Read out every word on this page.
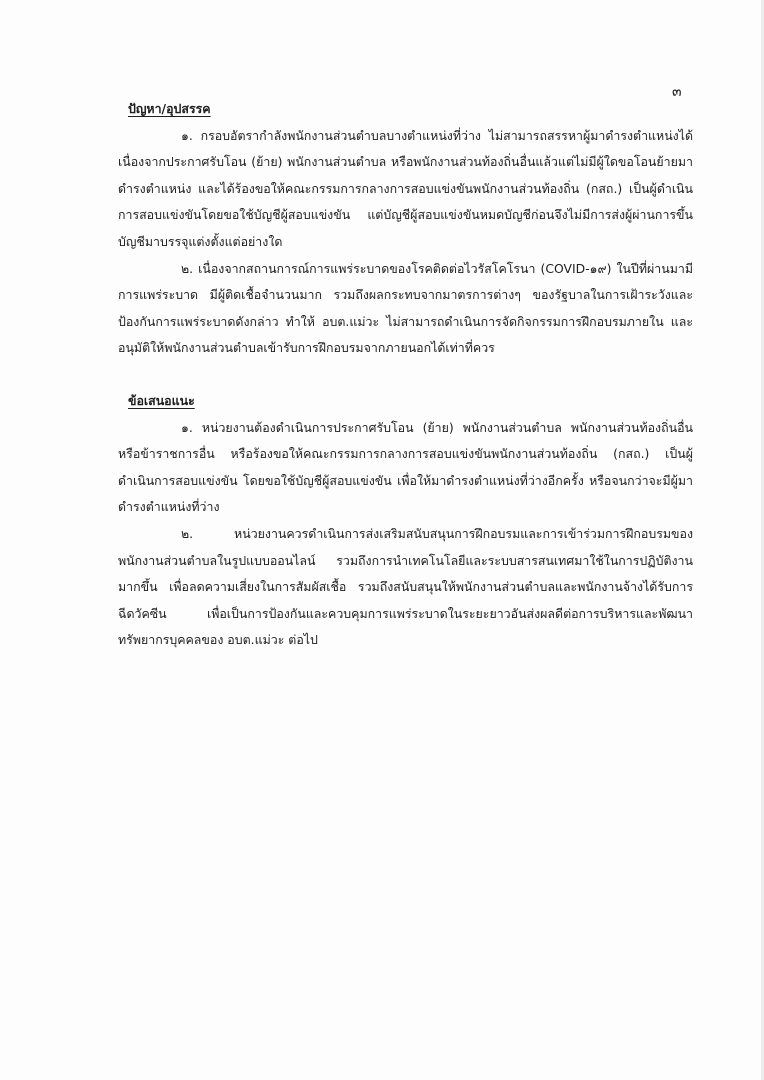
๓

ปัญหา/อุปสรรค

๑. กรอบอัตรากำลังพนักงานส่วนตำบลบางตำแหน่งที่ว่าง ไม่สามารถสรรหาผู้มาดำรงตำแหน่งได้ เนื่องจากประกาศรับโอน (ย้าย) พนักงานส่วนตำบล หรือพนักงานส่วนท้องถิ่นอื่นแล้วแต่ไม่มีผู้ใดขอโอนย้ายมาดำรงตำแหน่ง และได้ร้องขอให้คณะกรรมการกลางการสอบแข่งขันพนักงานส่วนท้องถิ่น (กสถ.) เป็นผู้ดำเนินการสอบแข่งขันโดยขอใช้บัญชีผู้สอบแข่งขัน แต่บัญชีผู้สอบแข่งขันหมดบัญชีก่อนจึงไม่มีการส่งผู้ผ่านการขึ้นบัญชีมาบรรจุแต่งตั้งแต่อย่างใด

๒. เนื่องจากสถานการณ์การแพร่ระบาดของโรคติดต่อไวรัสโคโรนา (COVID-๑๙) ในปีที่ผ่านมามีการแพร่ระบาด มีผู้ติดเชื้อจำนวนมาก รวมถึงผลกระทบจากมาตรการต่างๆ ของรัฐบาลในการเฝ้าระวังและป้องกันการแพร่ระบาดดังกล่าว ทำให้ อบต.แม่วะ ไม่สามารถดำเนินการจัดกิจกรรมการฝึกอบรมภายใน และอนุมัติให้พนักงานส่วนตำบลเข้ารับการฝึกอบรมจากภายนอกได้เท่าที่ควร

ข้อเสนอแนะ

๑. หน่วยงานต้องดำเนินการประกาศรับโอน (ย้าย) พนักงานส่วนตำบล พนักงานส่วนท้องถิ่นอื่น หรือข้าราชการอื่น หรือร้องขอให้คณะกรรมการกลางการสอบแข่งขันพนักงานส่วนท้องถิ่น (กสถ.) เป็นผู้ดำเนินการสอบแข่งขัน โดยขอใช้บัญชีผู้สอบแข่งขัน เพื่อให้มาดำรงตำแหน่งที่ว่างอีกครั้ง หรือจนกว่าจะมีผู้มาดำรงตำแหน่งที่ว่าง

๒. หน่วยงานควรดำเนินการส่งเสริมสนับสนุนการฝึกอบรมและการเข้าร่วมการฝึกอบรมของพนักงานส่วนตำบลในรูปแบบออนไลน์ รวมถึงการนำเทคโนโลยีและระบบสารสนเทศมาใช้ในการปฏิบัติงานมากขึ้น เพื่อลดความเสี่ยงในการสัมผัสเชื้อ รวมถึงสนับสนุนให้พนักงานส่วนตำบลและพนักงานจ้างได้รับการฉีดวัคซีน เพื่อเป็นการป้องกันและควบคุมการแพร่ระบาดในระยะยาวอันส่งผลดีต่อการบริหารและพัฒนาทรัพยากรบุคคลของ อบต.แม่วะ ต่อไป
